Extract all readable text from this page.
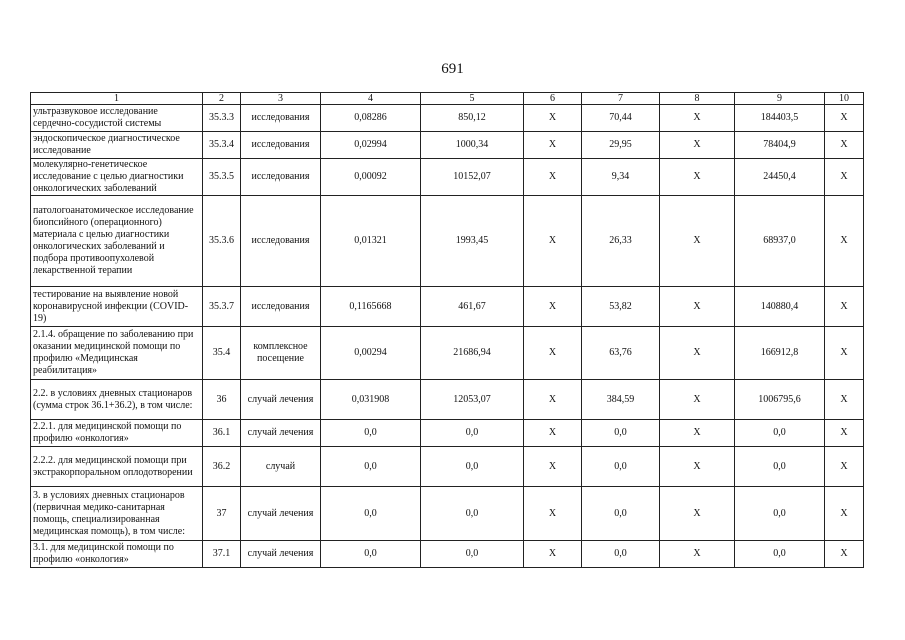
691
1	2	3	4	5	6	7	8	9	10
ультразвуковое исследование сердечно-сосудистой системы	35.3.3	исследования	0,08286	850,12	X	70,44	X	184403,5	X
эндоскопическое диагностическое исследование	35.3.4	исследования	0,02994	1000,34	X	29,95	X	78404,9	X
молекулярно-генетическое исследование с целью диагностики онкологических заболеваний	35.3.5	исследования	0,00092	10152,07	X	9,34	X	24450,4	X
патологоанатомическое исследование биопсийного (операционного) материала с целью диагностики онкологических заболеваний и подбора противоопухолевой лекарственной терапии	35.3.6	исследования	0,01321	1993,45	X	26,33	X	68937,0	X
тестирование на выявление новой коронавирусной инфекции (COVID-19)	35.3.7	исследования	0,1165668	461,67	X	53,82	X	140880,4	X
2.1.4. обращение по заболеванию при оказании медицинской помощи по профилю «Медицинская реабилитация»	35.4	комплексное посещение	0,00294	21686,94	X	63,76	X	166912,8	X
2.2. в условиях дневных стационаров (сумма строк 36.1+36.2), в том числе:	36	случай лечения	0,031908	12053,07	X	384,59	X	1006795,6	X
2.2.1. для медицинской помощи по профилю «онкология»	36.1	случай лечения	0,0	0,0	X	0,0	X	0,0	X
2.2.2. для медицинской помощи при экстракорпоральном оплодотворении	36.2	случай	0,0	0,0	X	0,0	X	0,0	X
3. в условиях дневных стационаров (первичная медико-санитарная помощь, специализированная медицинская помощь), в том числе:	37	случай лечения	0,0	0,0	X	0,0	X	0,0	X
3.1. для медицинской помощи по профилю «онкология»	37.1	случай лечения	0,0	0,0	X	0,0	X	0,0	X
